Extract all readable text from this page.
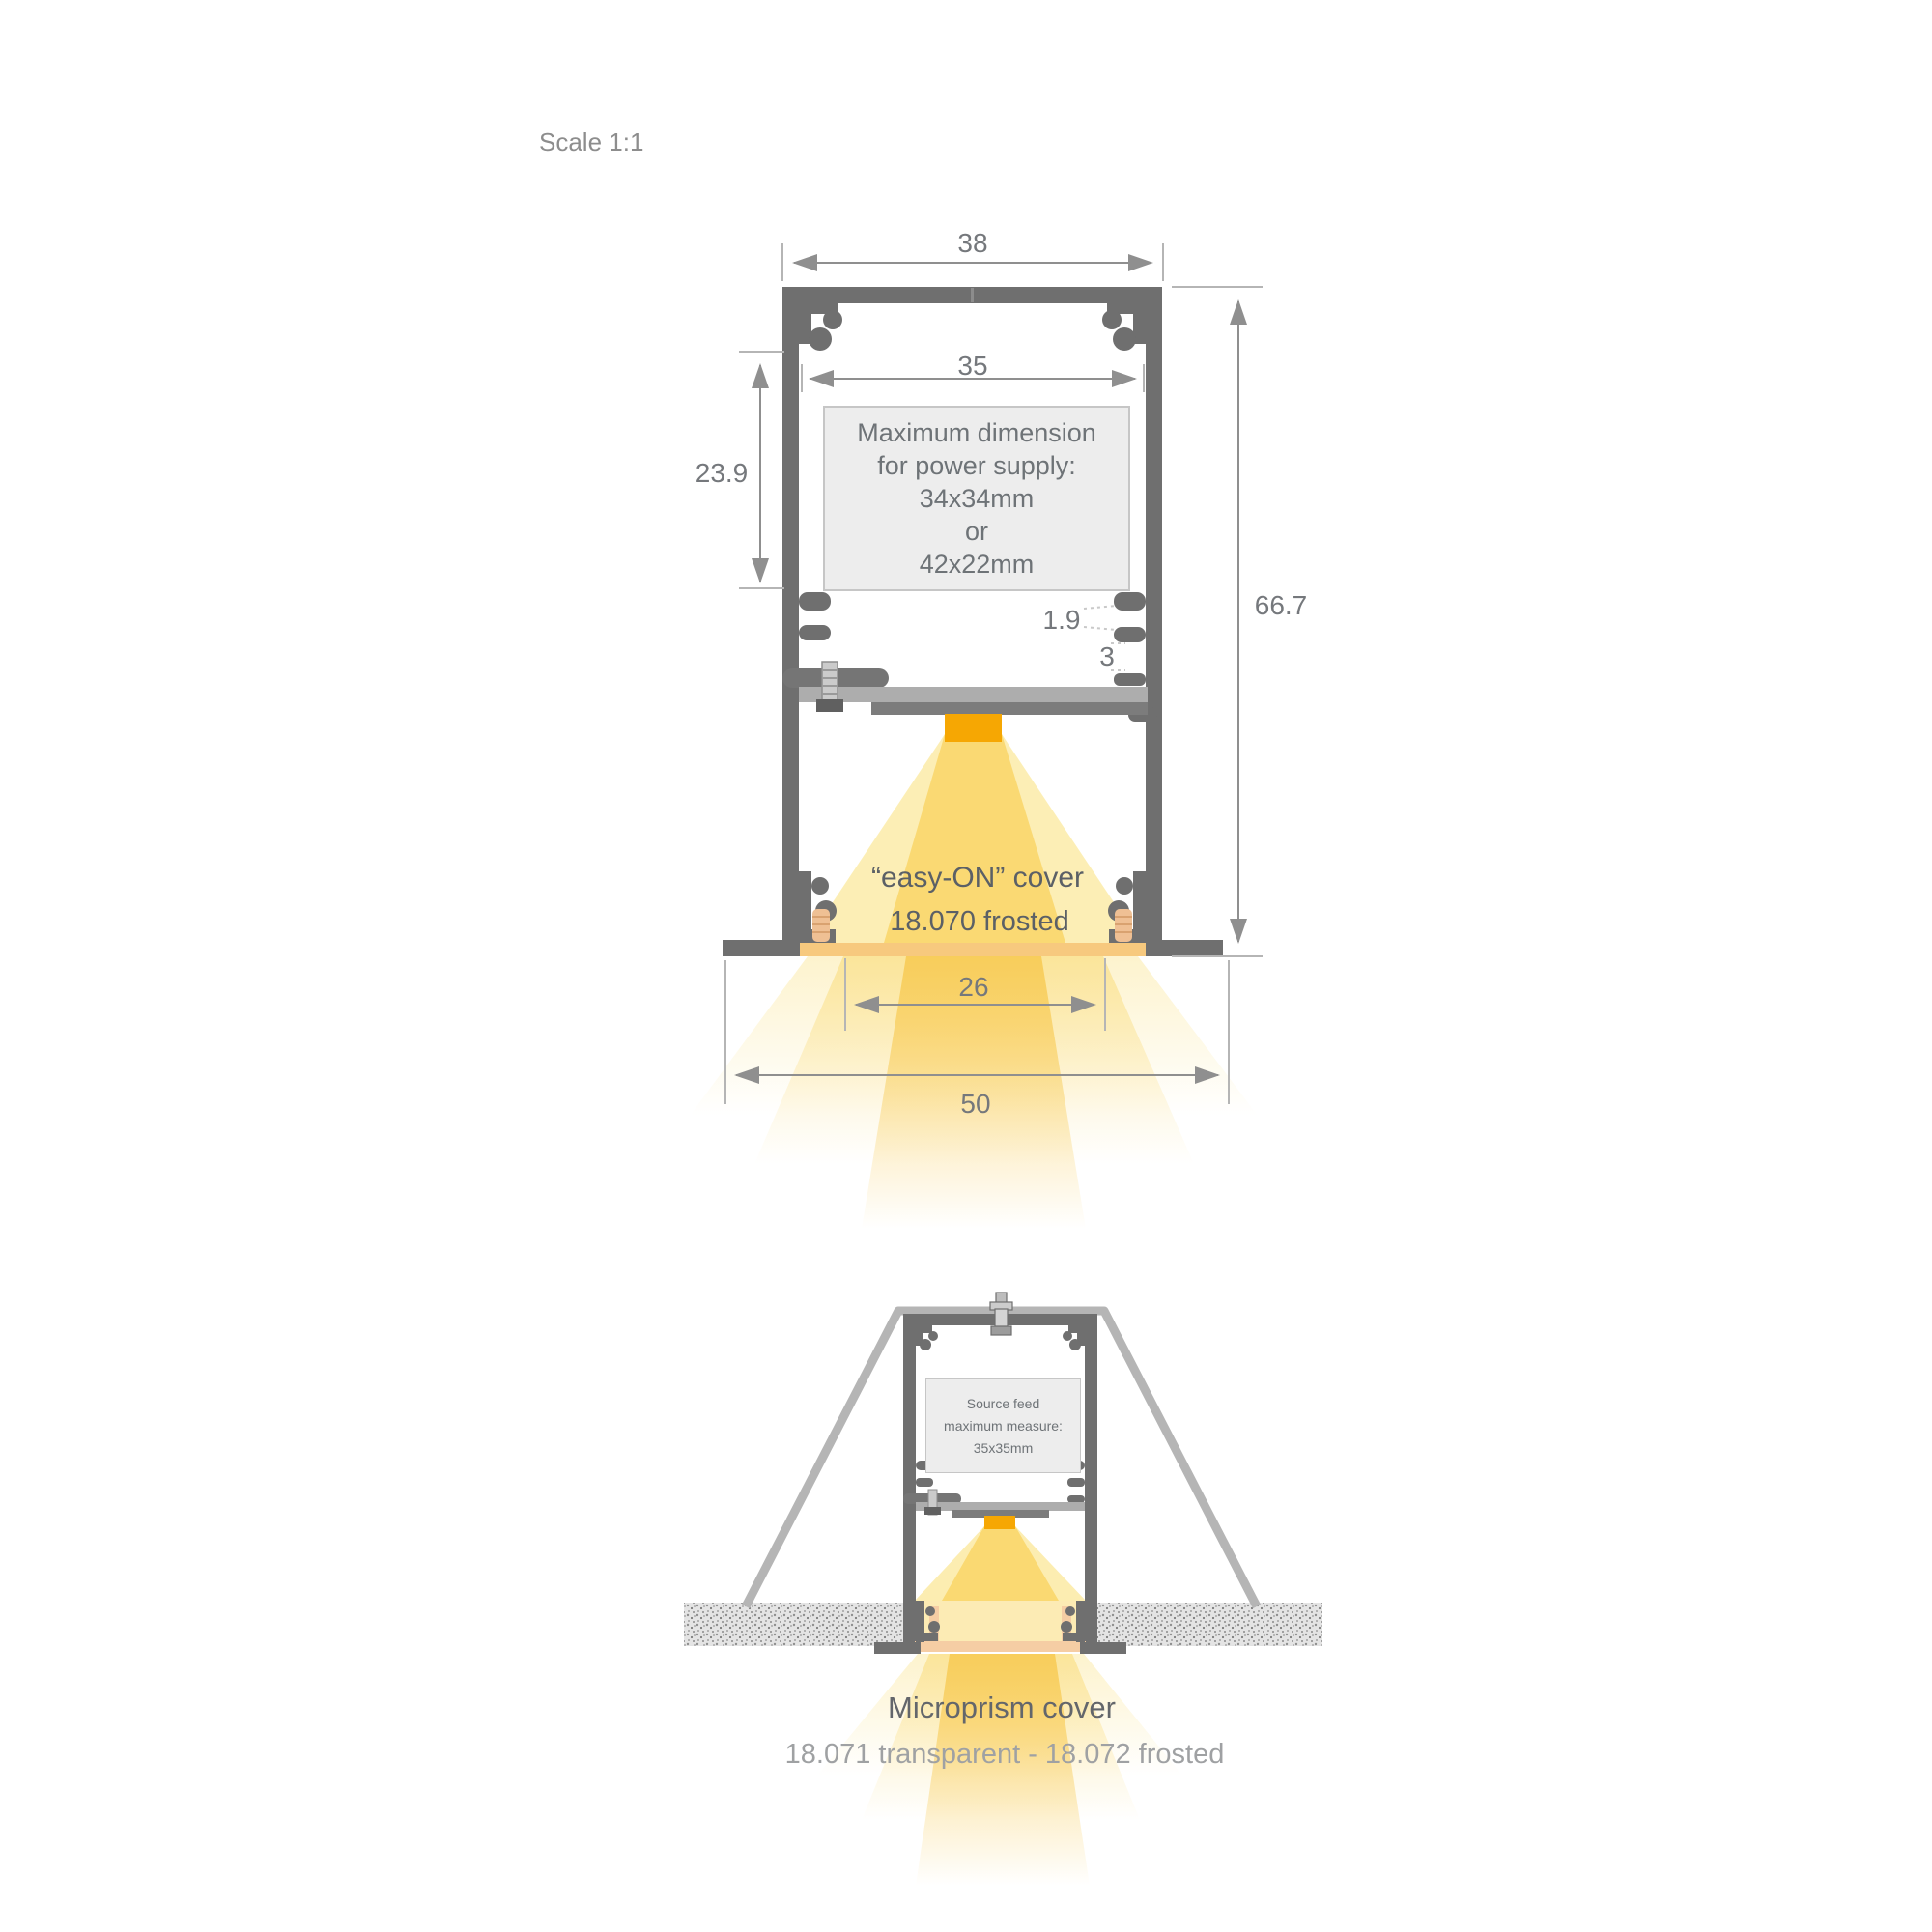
Scale 1:1
38
35
23.9
1.9
3
66.7
26
50
Maximum dimension
for power supply:
34x34mm
or
42x22mm
“easy-ON” cover
18.070 frosted
Source feed
maximum measure:
35x35mm
Microprism cover
18.071 transparent - 18.072 frosted
